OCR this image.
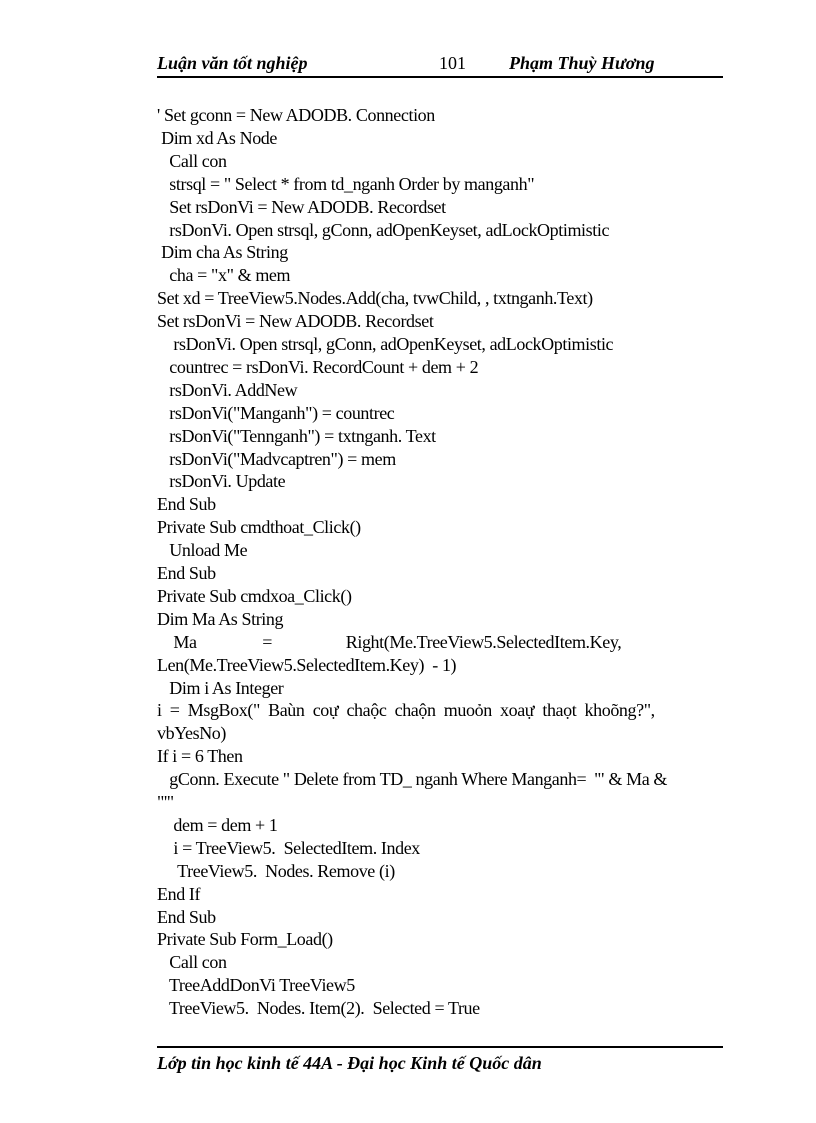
Luận văn tốt nghiệp	101 Phạm Thuỳ Hương
' Set gconn = New ADODB. Connection
Dim xd As Node
Call con
strsql = " Select * from td_nganh Order by manganh"
Set rsDonVi = New ADODB. Recordset
rsDonVi. Open strsql, gConn, adOpenKeyset, adLockOptimistic
Dim cha As String
cha = "x" & mem
Set xd = TreeView5.Nodes.Add(cha, tvwChild, , txtnganh.Text)
Set rsDonVi = New ADODB. Recordset
rsDonVi. Open strsql, gConn, adOpenKeyset, adLockOptimistic
countrec = rsDonVi. RecordCount + dem + 2
rsDonVi. AddNew
rsDonVi("Manganh") = countrec
rsDonVi("Tennganh") = txtnganh. Text
rsDonVi("Madvcaptren") = mem
rsDonVi. Update
End Sub
Private Sub cmdthoat_Click()
Unload Me
End Sub
Private Sub cmdxoa_Click()
Dim Ma As String
Ma                =                  Right(Me.TreeView5.SelectedItem.Key,
Len(Me.TreeView5.SelectedItem.Key)  - 1)
Dim i As Integer
i  =  MsgBox("  Baùn  coự  chaộc  chaộn  muoỏn  xoaự  thaọt  khoõng?",
vbYesNo)
If i = 6 Then
gConn. Execute " Delete from TD_ nganh Where Manganh=  '" & Ma &
"'"
dem = dem + 1
i = TreeView5.  SelectedItem. Index
TreeView5.  Nodes. Remove (i)
End If
End Sub
Private Sub Form_Load()
Call con
TreeAddDonVi TreeView5
TreeView5.  Nodes. Item(2).  Selected = True
Lớp tin học kinh tế 44A - Đại học Kinh tế Quốc dân
